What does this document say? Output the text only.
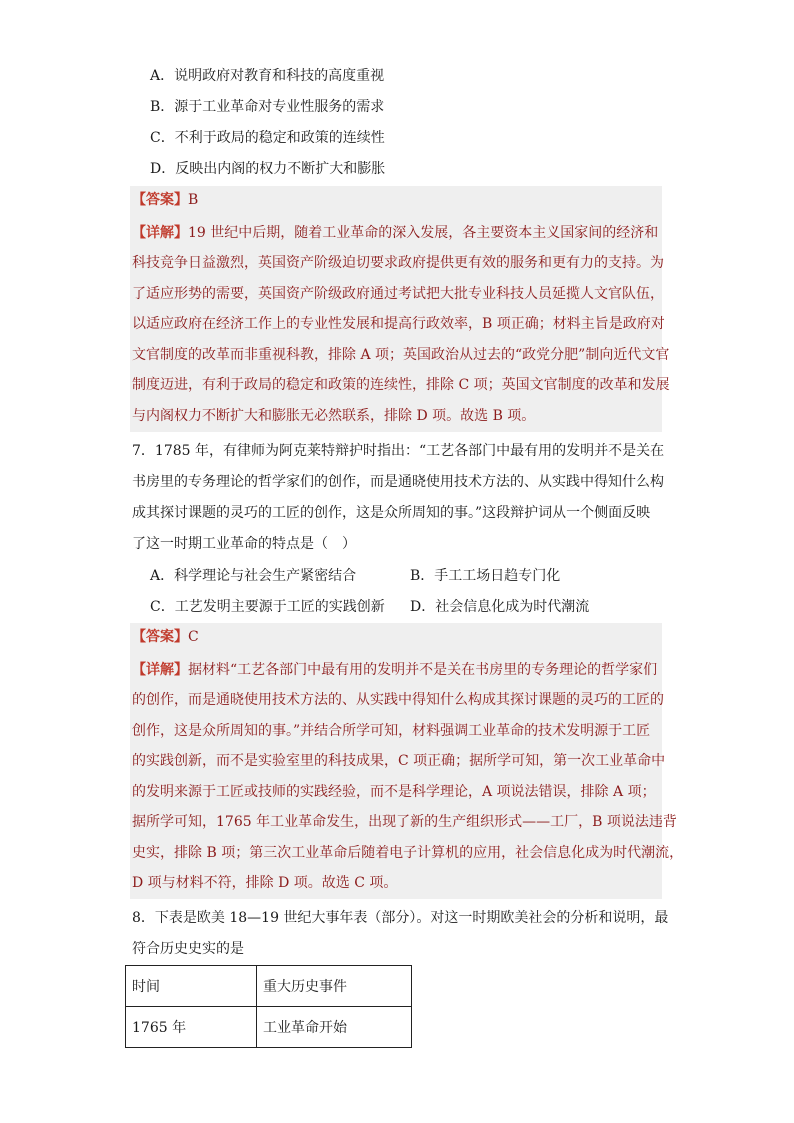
A．说明政府对教育和科技的高度重视
B．源于工业革命对专业性服务的需求
C．不利于政局的稳定和政策的连续性
D．反映出内阁的权力不断扩大和膨胀
【答案】B
【详解】19 世纪中后期，随着工业革命的深入发展，各主要资本主义国家间的经济和
科技竞争日益激烈，英国资产阶级迫切要求政府提供更有效的服务和更有力的支持。为
了适应形势的需要，英国资产阶级政府通过考试把大批专业科技人员延揽人文官队伍，
以适应政府在经济工作上的专业性发展和提高行政效率，B 项正确；材料主旨是政府对
文官制度的改革而非重视科教，排除 A 项；英国政治从过去的“政党分肥”制向近代文官
制度迈进，有利于政局的稳定和政策的连续性，排除 C 项；英国文官制度的改革和发展
与内阁权力不断扩大和膨胀无必然联系，排除 D 项。故选 B 项。
7．1785 年，有律师为阿克莱特辩护时指出：“工艺各部门中最有用的发明并不是关在
书房里的专务理论的哲学家们的创作，而是通晓使用技术方法的、从实践中得知什么构
成其探讨课题的灵巧的工匠的创作，这是众所周知的事。”这段辩护词从一个侧面反映
了这一时期工业革命的特点是（　）
A．科学理论与社会生产紧密结合	B．手工工场日趋专门化
C．工艺发明主要源于工匠的实践创新 D．社会信息化成为时代潮流
【答案】C
【详解】据材料“工艺各部门中最有用的发明并不是关在书房里的专务理论的哲学家们
的创作，而是通晓使用技术方法的、从实践中得知什么构成其探讨课题的灵巧的工匠的
创作，这是众所周知的事。”并结合所学可知，材料强调工业革命的技术发明源于工匠
的实践创新，而不是实验室里的科技成果，C 项正确；据所学可知，第一次工业革命中
的发明来源于工匠或技师的实践经验，而不是科学理论，A 项说法错误，排除 A 项；
据所学可知，1765 年工业革命发生，出现了新的生产组织形式——工厂，B 项说法违背
史实，排除 B 项；第三次工业革命后随着电子计算机的应用，社会信息化成为时代潮流，
D 项与材料不符，排除 D 项。故选 C 项。
8．下表是欧美 18—19 世纪大事年表（部分）。对这一时期欧美社会的分析和说明，最
符合历史史实的是
时间	重大历史事件
1765 年	工业革命开始
